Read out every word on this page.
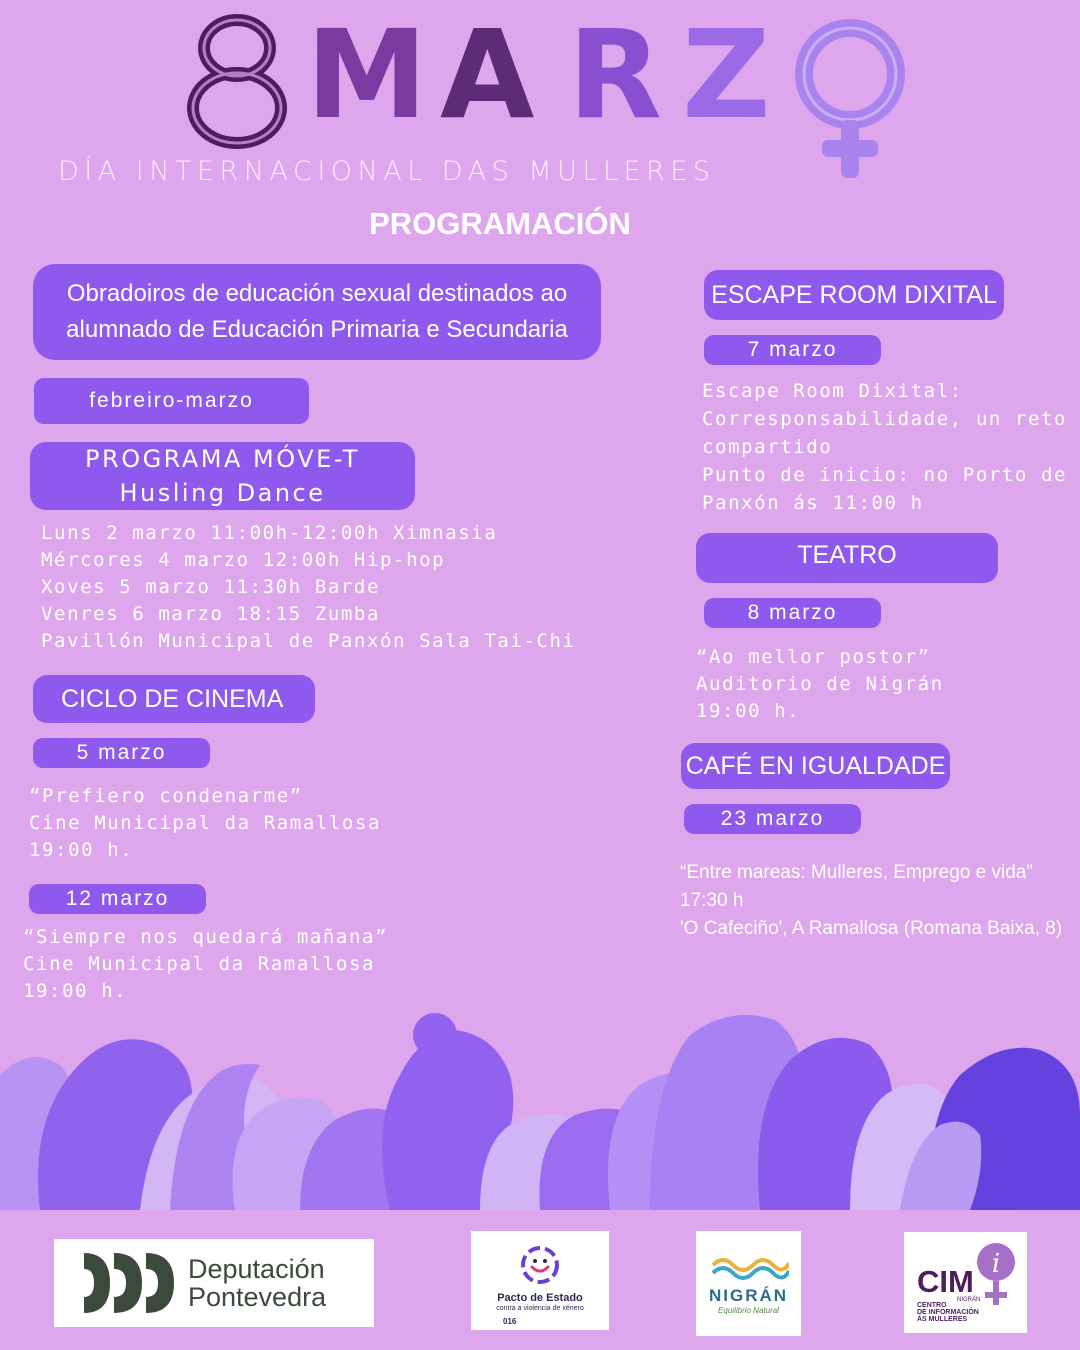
M A R Z
DÍA INTERNACIONAL DAS MULLERES
PROGRAMACIÓN
Obradoiros de educación sexual destinados ao
alumnado de Educación Primaria e Secundaria
febreiro-marzo
PROGRAMA MÓVE-T
Husling Dance
Luns 2 marzo 11:00h-12:00h Ximnasia
Mércores 4 marzo 12:00h Hip-hop
Xoves 5 marzo 11:30h Barde
Venres 6 marzo 18:15 Zumba
Pavillón Municipal de Panxón Sala Tai-Chi
CICLO DE CINEMA
5 marzo
“Prefiero condenarme”
Cine Municipal da Ramallosa
19:00 h.
12 marzo
“Siempre nos quedará mañana”
Cine Municipal da Ramallosa
19:00 h.
ESCAPE ROOM DIXITAL
7 marzo
Escape Room Dixital:
Corresponsabilidade, un reto
compartido
Punto de inicio: no Porto de
Panxón ás 11:00 h
TEATRO
8 marzo
“Ao mellor postor”
Auditorio de Nigrán
19:00 h.
CAFÉ EN IGUALDADE
23 marzo
“Entre mareas: Mulleres, Emprego e vida”
17:30 h
'O Cafeciño', A Ramallosa (Romana Baixa, 8)
Deputación
Pontevedra	Pacto de Estado
contra a violencia de xénero
016
NIGRÁN
Equilibrio Natural
CIM i
NIGRÁN
CENTRO
DE INFORMACIÓN
ÁS MULLERES
